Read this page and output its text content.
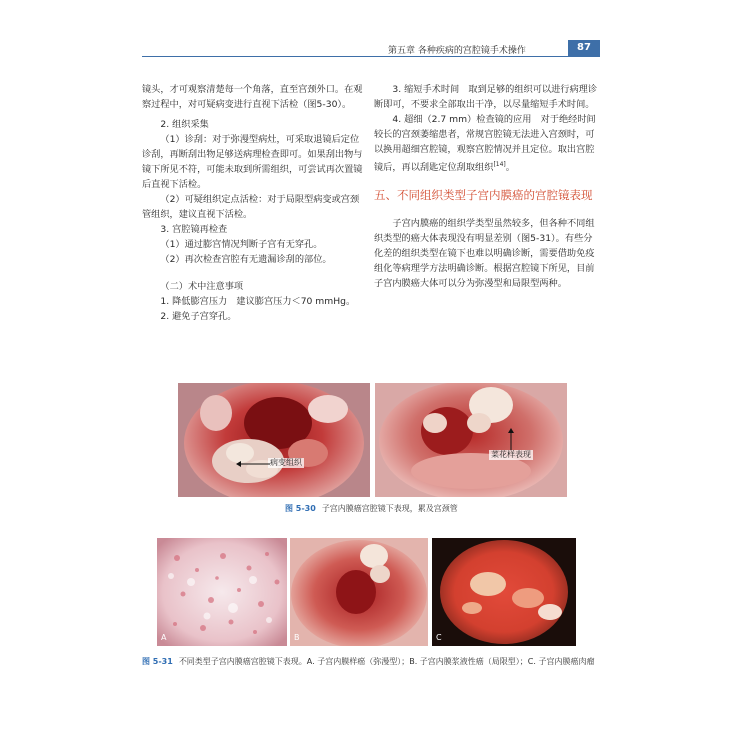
第五章 各种疾病的宫腔镜手术操作	87

镜头，才可观察清楚每一个角落，直至宫颈外口。在观察过程中，对可疑病变进行直视下活检（图5-30）。

2. 组织采集

（1）诊刮：对于弥漫型病灶，可采取退镜后定位诊刮，再断刮出物足够送病理检查即可。如果刮出物与镜下所见不符，可能未取到所需组织，可尝试再次置镜后直视下活检。

（2）可疑组织定点活检：对于局限型病变或宫颈管组织，建议直视下活检。

3. 宫腔镜再检查

（1）通过膨宫情况判断子宫有无穿孔。

（2）再次检查宫腔有无遗漏诊刮的部位。

（二）术中注意事项

1. 降低膨宫压力　建议膨宫压力＜70 mmHg。

2. 避免子宫穿孔。

3. 缩短手术时间　取到足够的组织可以进行病理诊断即可，不要求全部取出干净，以尽量缩短手术时间。

4. 超细（2.7 mm）检查镜的应用　对于绝经时间较长的宫颈萎缩患者，常规宫腔镜无法进入宫颈时，可以换用超细宫腔镜，观察宫腔情况并且定位。取出宫腔镜后，再以刮匙定位刮取组织[14]。

五、不同组织类型子宫内膜癌的宫腔镜表现

子宫内膜癌的组织学类型虽然较多，但各种不同组织类型的癌大体表现没有明显差别（图5-31）。有些分化差的组织类型在镜下也难以明确诊断，需要借助免疫组化等病理学方法明确诊断。根据宫腔镜下所见，目前子宫内膜癌大体可以分为弥漫型和局限型两种。

病变组织
菜花样表现
图 5-30 子宫内膜癌宫腔镜下表现，累及宫颈管
A	B	C
图 5-31 不同类型子宫内膜癌宫腔镜下表现。A. 子宫内膜样癌（弥漫型）；B. 子宫内膜浆液性癌（局限型）；C. 子宫内膜癌肉瘤
